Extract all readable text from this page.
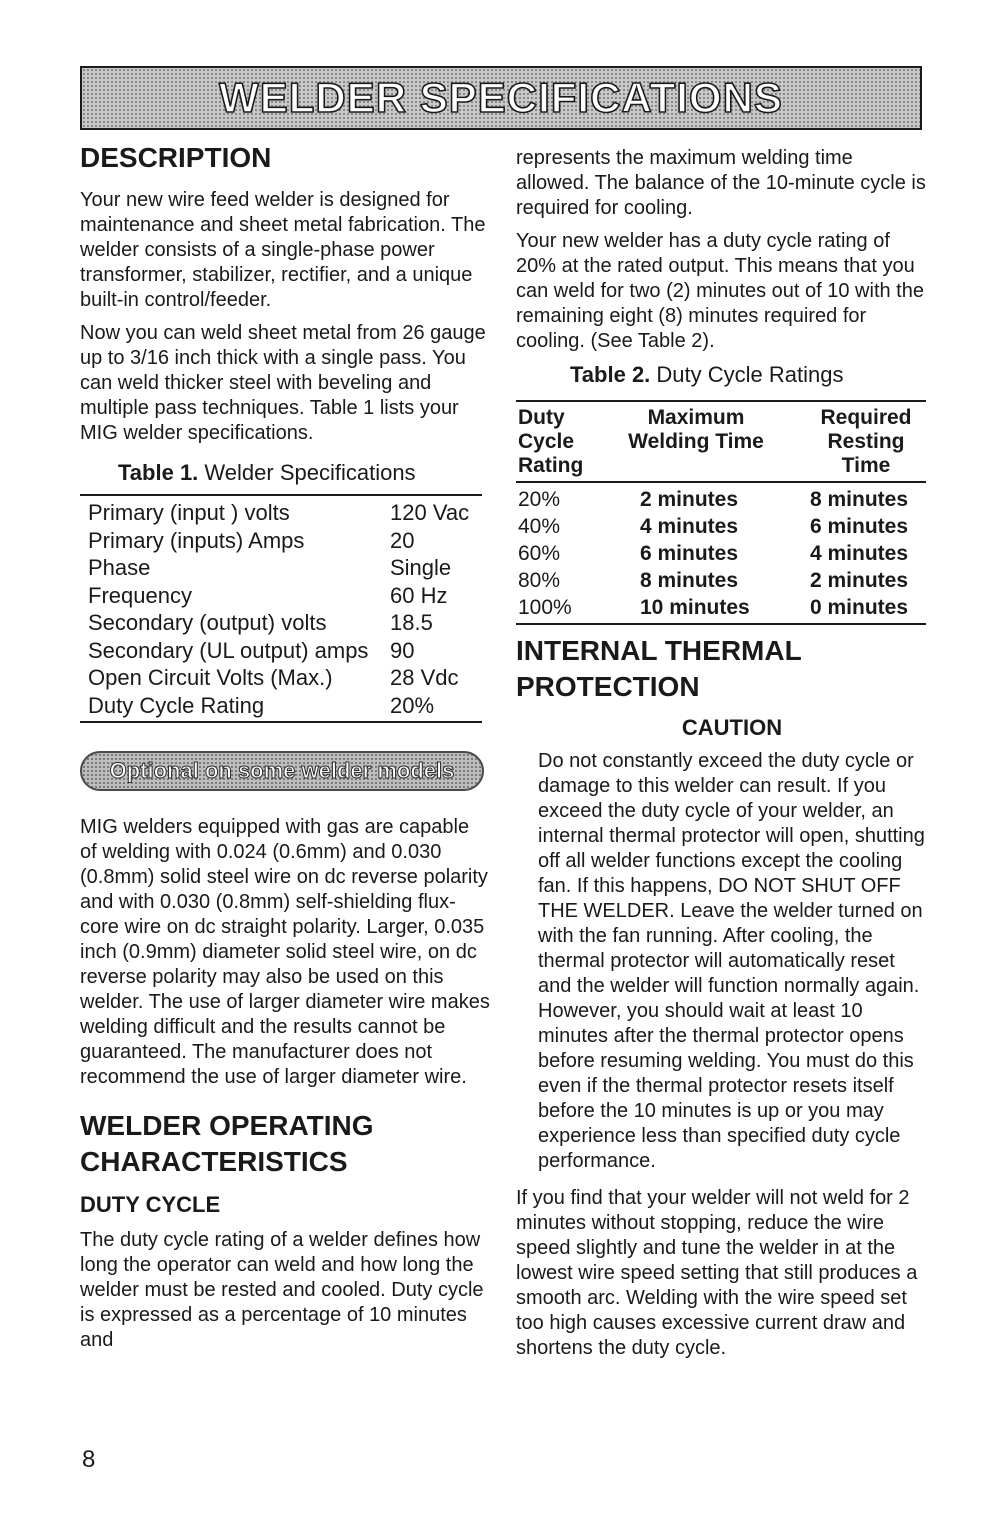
WELDER SPECIFICATIONS
DESCRIPTION

Your new wire feed welder is designed for maintenance and sheet metal fabrication. The welder consists of a single-phase power transformer, stabilizer, rectifier, and a unique built-in control/feeder.

Now you can weld sheet metal from 26 gauge up to 3/16 inch thick with a single pass. You can weld thicker steel with beveling and multiple pass techniques. Table 1 lists your MIG welder specifications.

Table 1. Welder Specifications
Primary (input ) volts	120 Vac
Primary (inputs) Amps	20
Phase	Single
Frequency	60 Hz
Secondary (output) volts	18.5
Secondary (UL output) amps 90
Open Circuit Volts (Max.)	28 Vdc
Duty Cycle Rating	20%
Optional on some welder models

MIG welders equipped with gas are capable of welding with 0.024 (0.6mm) and 0.030 (0.8mm) solid steel wire on dc reverse polarity and with 0.030 (0.8mm) self-shielding flux-core wire on dc straight polarity. Larger, 0.035 inch (0.9mm) diameter solid steel wire, on dc reverse polarity may also be used on this welder. The use of larger diameter wire makes welding difficult and the results cannot be guaranteed. The manufacturer does not recommend the use of larger diameter wire.

WELDER OPERATING CHARACTERISTICS
DUTY CYCLE

The duty cycle rating of a welder defines how long the operator can weld and how long the welder must be rested and cooled. Duty cycle is expressed as a percentage of 10 minutes and

represents the maximum welding time allowed. The balance of the 10-minute cycle is required for cooling.

Your new welder has a duty cycle rating of 20% at the rated output. This means that you can weld for two (2) minutes out of 10 with the remaining eight (8) minutes required for cooling. (See Table 2).

Table 2. Duty Cycle Ratings
Duty Cycle Rating
Maximum Welding Time
Required Resting Time
20%	2 minutes	8 minutes
40%	4 minutes	6 minutes
60%	6 minutes	4 minutes
80%	8 minutes	2 minutes
100%	10 minutes	0 minutes
INTERNAL THERMAL PROTECTION
CAUTION

Do not constantly exceed the duty cycle or damage to this welder can result. If you exceed the duty cycle of your welder, an internal thermal protector will open, shutting off all welder functions except the cooling fan. If this happens, DO NOT SHUT OFF THE WELDER. Leave the welder turned on with the fan running. After cooling, the thermal protector will automatically reset and the welder will function normally again. However, you should wait at least 10 minutes after the thermal protector opens before resuming welding. You must do this even if the thermal protector resets itself before the 10 minutes is up or you may experience less than specified duty cycle performance.

If you find that your welder will not weld for 2 minutes without stopping, reduce the wire speed slightly and tune the welder in at the lowest wire speed setting that still produces a smooth arc. Welding with the wire speed set too high causes excessive current draw and shortens the duty cycle.

8
